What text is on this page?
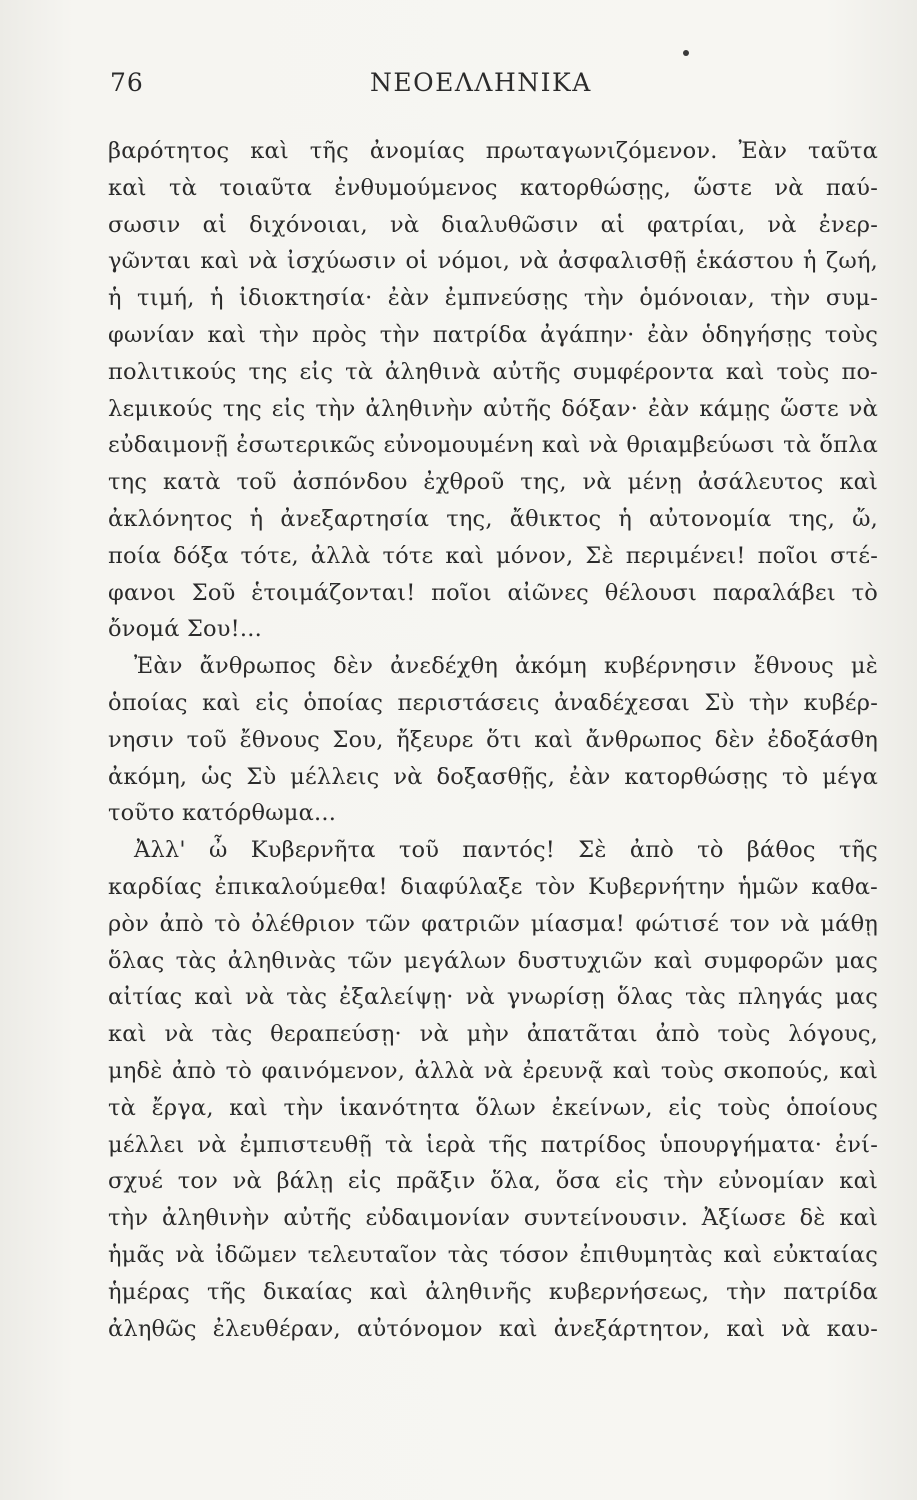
76	ΝΕΟΕΛΛΗΝΙΚΑ
βαρότητος καὶ τῆς ἀνομίας πρωταγωνιζόμενον. Ἐὰν ταῦτα
καὶ τὰ τοιαῦτα ἐνθυμούμενος κατορθώσῃς, ὥστε νὰ παύ-
σωσιν αἱ διχόνοιαι, νὰ διαλυθῶσιν αἱ φατρίαι, νὰ ἐνερ-
γῶνται καὶ νὰ ἰσχύωσιν οἱ νόμοι, νὰ ἀσφαλισθῇ ἑκάστου ἡ ζωή,
ἡ τιμή, ἡ ἰδιοκτησία· ἐὰν ἐμπνεύσῃς τὴν ὁμόνοιαν, τὴν συμ-
φωνίαν καὶ τὴν πρὸς τὴν πατρίδα ἀγάπην· ἐὰν ὁδηγήσῃς τοὺς
πολιτικούς της εἰς τὰ ἀληθινὰ αὐτῆς συμφέροντα καὶ τοὺς πο-
λεμικούς της εἰς τὴν ἀληθινὴν αὐτῆς δόξαν· ἐὰν κάμῃς ὥστε νὰ
εὐδαιμονῇ ἐσωτερικῶς εὐνομουμένη καὶ νὰ θριαμβεύωσι τὰ ὅπλα
της κατὰ τοῦ ἀσπόνδου ἐχθροῦ της, νὰ μένῃ ἀσάλευτος καὶ
ἀκλόνητος ἡ ἀνεξαρτησία της, ἄθικτος ἡ αὐτονομία της, ὤ,
ποία δόξα τότε, ἀλλὰ τότε καὶ μόνον, Σὲ περιμένει! ποῖοι στέ-
φανοι Σοῦ ἑτοιμάζονται! ποῖοι αἰῶνες θέλουσι παραλάβει τὸ
ὄνομά Σου!...
Ἐὰν ἄνθρωπος δὲν ἀνεδέχθη ἀκόμη κυβέρνησιν ἔθνους μὲ
ὁποίας καὶ εἰς ὁποίας περιστάσεις ἀναδέχεσαι Σὺ τὴν κυβέρ-
νησιν τοῦ ἔθνους Σου, ἤξευρε ὅτι καὶ ἄνθρωπος δὲν ἐδοξάσθη
ἀκόμη, ὡς Σὺ μέλλεις νὰ δοξασθῇς, ἐὰν κατορθώσῃς τὸ μέγα
τοῦτο κατόρθωμα...
Ἀλλ' ὦ Κυβερνῆτα τοῦ παντός! Σὲ ἀπὸ τὸ βάθος τῆς
καρδίας ἐπικαλούμεθα! διαφύλαξε τὸν Κυβερνήτην ἡμῶν καθα-
ρὸν ἀπὸ τὸ ὀλέθριον τῶν φατριῶν μίασμα! φώτισέ τον νὰ μάθῃ
ὅλας τὰς ἀληθινὰς τῶν μεγάλων δυστυχιῶν καὶ συμφορῶν μας
αἰτίας καὶ νὰ τὰς ἐξαλείψῃ· νὰ γνωρίσῃ ὅλας τὰς πληγάς μας
καὶ νὰ τὰς θεραπεύσῃ· νὰ μὴν ἀπατᾶται ἀπὸ τοὺς λόγους,
μηδὲ ἀπὸ τὸ φαινόμενον, ἀλλὰ νὰ ἐρευνᾷ καὶ τοὺς σκοπούς, καὶ
τὰ ἔργα, καὶ τὴν ἱκανότητα ὅλων ἐκείνων, εἰς τοὺς ὁποίους
μέλλει νὰ ἐμπιστευθῇ τὰ ἱερὰ τῆς πατρίδος ὑπουργήματα· ἐνί-
σχυέ τον νὰ βάλῃ εἰς πρᾶξιν ὅλα, ὅσα εἰς τὴν εὐνομίαν καὶ
τὴν ἀληθινὴν αὐτῆς εὐδαιμονίαν συντείνουσιν. Ἀξίωσε δὲ καὶ
ἡμᾶς νὰ ἰδῶμεν τελευταῖον τὰς τόσον ἐπιθυμητὰς καὶ εὐκταίας
ἡμέρας τῆς δικαίας καὶ ἀληθινῆς κυβερνήσεως, τὴν πατρίδα
ἀληθῶς ἐλευθέραν, αὐτόνομον καὶ ἀνεξάρτητον, καὶ νὰ καυ-
